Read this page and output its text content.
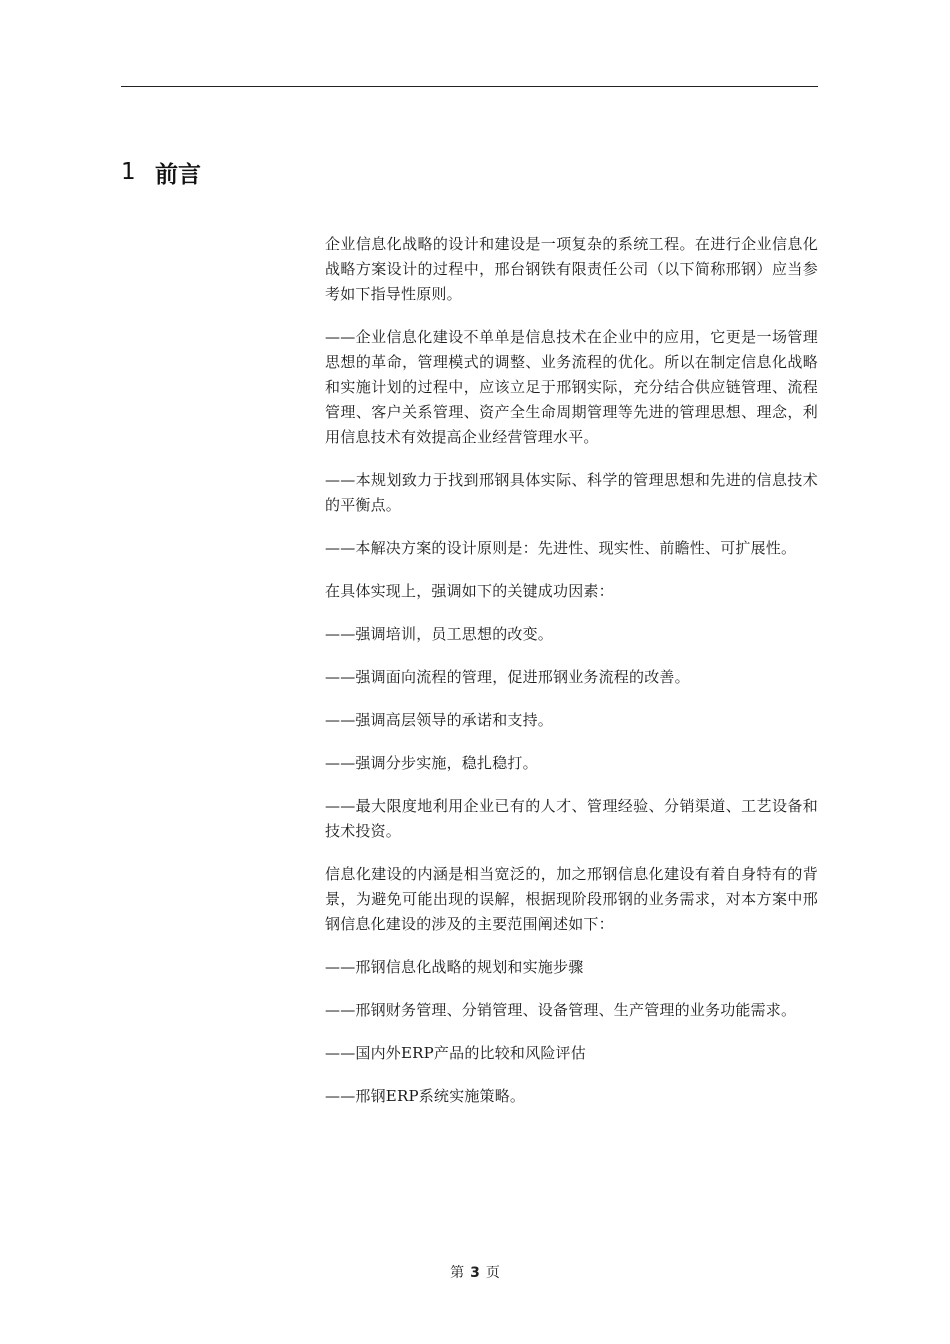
1 前言

企业信息化战略的设计和建设是一项复杂的系统工程。在进行企业信息化战略方案设计的过程中，邢台钢铁有限责任公司（以下简称邢钢）应当参考如下指导性原则。

——企业信息化建设不单单是信息技术在企业中的应用，它更是一场管理思想的革命，管理模式的调整、业务流程的优化。所以在制定信息化战略和实施计划的过程中，应该立足于邢钢实际，充分结合供应链管理、流程管理、客户关系管理、资产全生命周期管理等先进的管理思想、理念，利用信息技术有效提高企业经营管理水平。

——本规划致力于找到邢钢具体实际、科学的管理思想和先进的信息技术的平衡点。

——本解决方案的设计原则是：先进性、现实性、前瞻性、可扩展性。

在具体实现上，强调如下的关键成功因素：

——强调培训，员工思想的改变。

——强调面向流程的管理，促进邢钢业务流程的改善。

——强调高层领导的承诺和支持。

——强调分步实施，稳扎稳打。

——最大限度地利用企业已有的人才、管理经验、分销渠道、工艺设备和技术投资。

信息化建设的内涵是相当宽泛的，加之邢钢信息化建设有着自身特有的背景，为避免可能出现的误解，根据现阶段邢钢的业务需求，对本方案中邢钢信息化建设的涉及的主要范围阐述如下：

——邢钢信息化战略的规划和实施步骤

——邢钢财务管理、分销管理、设备管理、生产管理的业务功能需求。

——国内外ERP产品的比较和风险评估

——邢钢ERP系统实施策略。

第 3 页
